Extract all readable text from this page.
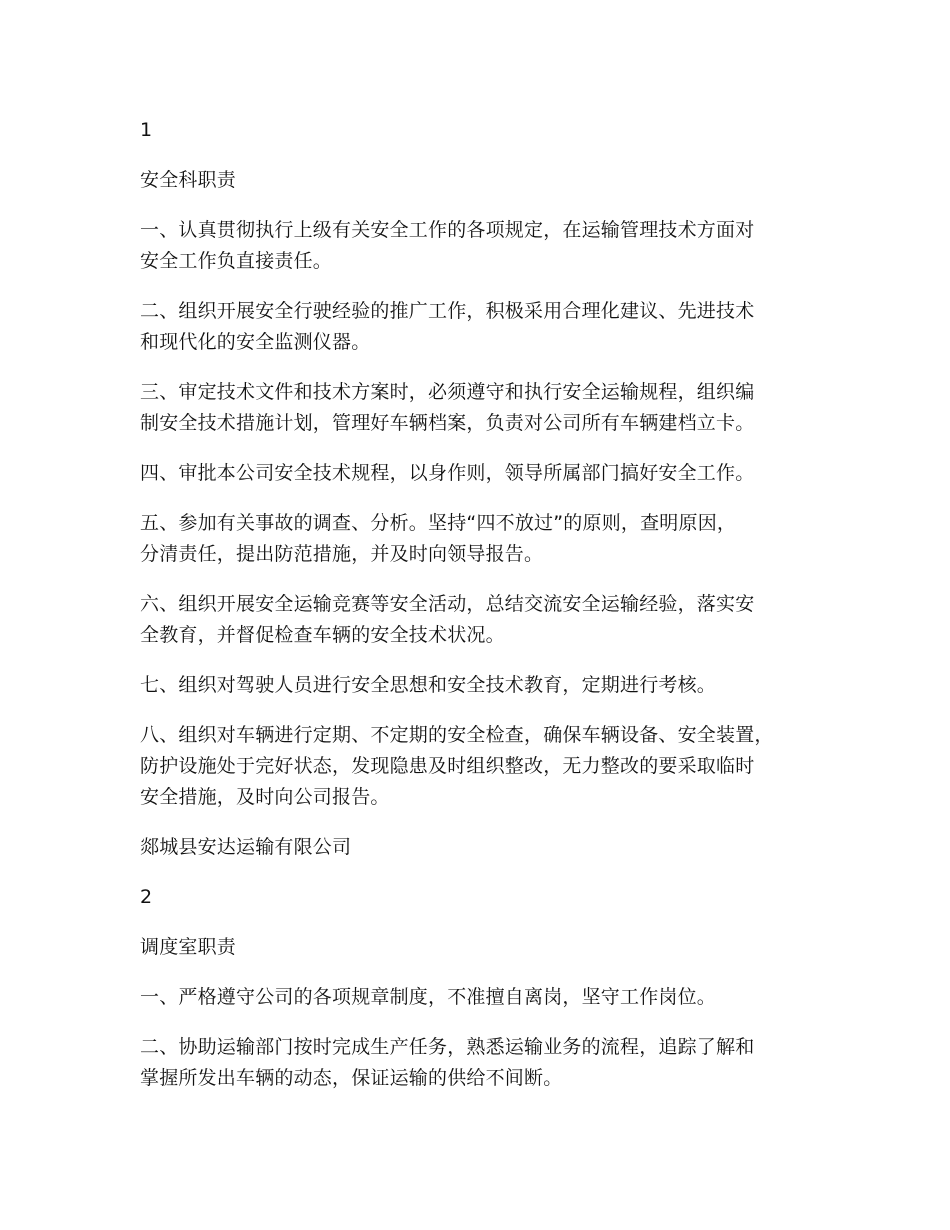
1

安全科职责

一、认真贯彻执行上级有关安全工作的各项规定，在运输管理技术方面对

安全工作负直接责任。

二、组织开展安全行驶经验的推广工作，积极采用合理化建议、先进技术

和现代化的安全监测仪器。

三、审定技术文件和技术方案时，必须遵守和执行安全运输规程，组织编

制安全技术措施计划，管理好车辆档案，负责对公司所有车辆建档立卡。

四、审批本公司安全技术规程，以身作则，领导所属部门搞好安全工作。

五、参加有关事故的调查、分析。坚持“四不放过”的原则，查明原因，

分清责任，提出防范措施，并及时向领导报告。

六、组织开展安全运输竞赛等安全活动，总结交流安全运输经验，落实安

全教育，并督促检查车辆的安全技术状况。

七、组织对驾驶人员进行安全思想和安全技术教育，定期进行考核。

八、组织对车辆进行定期、不定期的安全检查，确保车辆设备、安全装置，

防护设施处于完好状态，发现隐患及时组织整改，无力整改的要采取临时

安全措施，及时向公司报告。

郯城县安达运输有限公司

2

调度室职责

一、严格遵守公司的各项规章制度，不准擅自离岗，坚守工作岗位。

二、协助运输部门按时完成生产任务，熟悉运输业务的流程，追踪了解和

掌握所发出车辆的动态，保证运输的供给不间断。
